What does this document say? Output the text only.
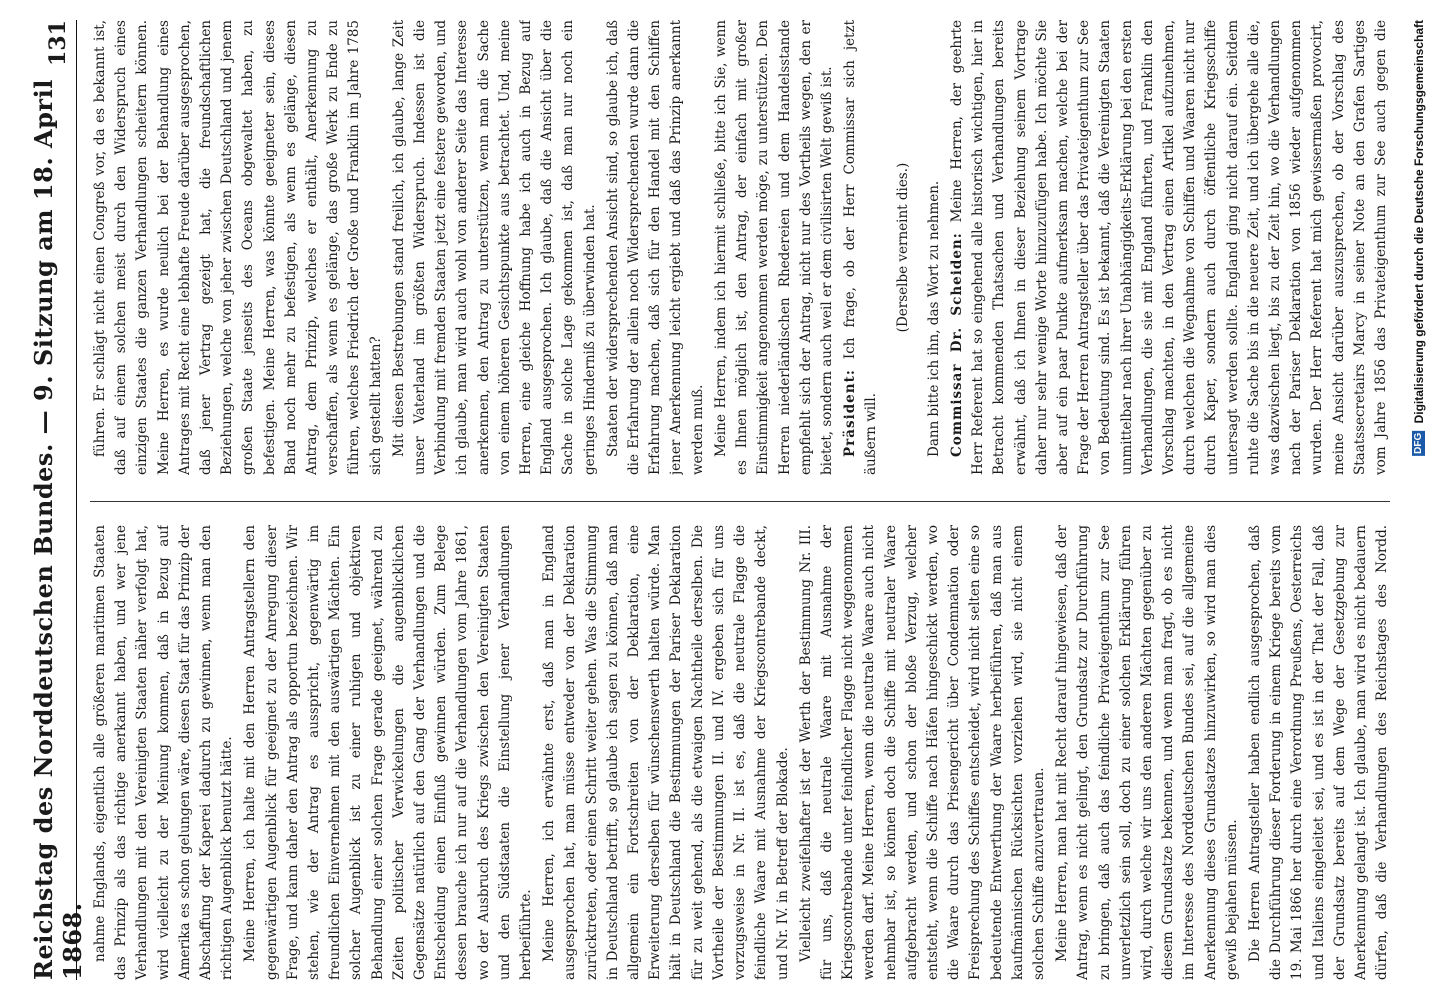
Reichstag des Norddeutschen Bundes. — 9. Sitzung am 18. April 1868.
131

nahme Englands, eigentlich alle größeren maritimen Staaten das Prinzip als das richtige anerkannt haben, und wer jene Verhandlungen mit den Vereinigten Staaten näher verfolgt hat, wird vielleicht zu der Meinung kommen, daß in Bezug auf Amerika es schon gelungen wäre, diesen Staat für das Prinzip der Abschaffung der Kaperei dadurch zu gewinnen, wenn man den richtigen Augenblick benutzt hätte. Meine Herren, ich halte mit den Herren Antragstellern den gegenwärtigen Augenblick für geeignet zu der Anregung dieser Frage, und kann daher den Antrag als opportun bezeichnen. Wir stehen, wie der Antrag es ausspricht, gegenwärtig im freundlichen Einvernehmen mit den auswärtigen Mächten. Ein solcher Augenblick ist zu einer ruhigen und objektiven Behandlung einer solchen Frage gerade geeignet, während zu Zeiten politischer Verwickelungen die augenblicklichen Gegensätze natürlich auf den Gang der Verhandlungen und die Entscheidung einen Einfluß gewinnen würden. Zum Belege dessen brauche ich nur auf die Verhandlungen vom Jahre 1861, wo der Ausbruch des Kriegs zwischen den Vereinigten Staaten und den Südstaaten die Einstellung jener Verhandlungen herbeiführte. Meine Herren, ich erwähnte erst, daß man in England ausgesprochen hat, man müsse entweder von der Deklaration zurücktreten, oder einen Schritt weiter gehen. Was die Stimmung in Deutschland betrifft, so glaube ich sagen zu können, daß man allgemein ein Fortschreiten von der Deklaration, eine Erweiterung derselben für wünschenswerth halten würde. Man hält in Deutschland die Bestimmungen der Pariser Deklaration für zu weit gehend, als die etwaigen Nachtheile derselben. Die Vortheile der Bestimmungen II. und IV. ergeben sich für uns vorzugsweise in Nr. II. ist es, daß die neutrale Flagge die feindliche Waare mit Ausnahme der Kriegscontrebande deckt, und Nr. IV. in Betreff der Blokade. Vielleicht zweifelhafter ist der Werth der Bestimmung Nr. III. für uns, daß die neutrale Waare mit Ausnahme der Kriegscontrebande unter feindlicher Flagge nicht weggenommen werden darf. Meine Herren, wenn die neutrale Waare auch nicht nehmbar ist, so können doch die Schiffe mit neutraler Waare aufgebracht werden, und schon der bloße Verzug, welcher entsteht, wenn die Schiffe nach Häfen hingeschickt werden, wo die Waare durch das Prisengericht über Condemnation oder Freisprechung des Schiffes entscheidet, wird nicht selten eine so bedeutende Entwerthung der Waare herbeiführen, daß man aus kaufmännischen Rücksichten vorziehen wird, sie nicht einem solchen Schiffe anzuvertrauen. Meine Herren, man hat mit Recht darauf hingewiesen, daß der Antrag, wenn es nicht gelingt, den Grundsatz zur Durchführung zu bringen, daß auch das feindliche Privateigenthum zur See unverletzlich sein soll, doch zu einer solchen Erklärung führen wird, durch welche wir uns den anderen Mächten gegenüber zu diesem Grundsatze bekennen, und wenn man fragt, ob es nicht im Interesse des Norddeutschen Bundes sei, auf die allgemeine Anerkennung dieses Grundsatzes hinzuwirken, so wird man dies gewiß bejahen müssen. Die Herren Antragsteller haben endlich ausgesprochen, daß die Durchführung dieser Forderung in einem Kriege bereits vom 19. Mai 1866 her durch eine Verordnung Preußens, Oesterreichs und Italiens eingeleitet sei, und es ist in der That der Fall, daß der Grundsatz bereits auf dem Wege der Gesetzgebung zur Anerkennung gelangt ist. Ich glaube, man wird es nicht bedauern dürfen, daß die Verhandlungen des Reichstages des Nordd.

führen. Er schlägt nicht einen Congreß vor, da es bekannt ist, daß auf einem solchen meist durch den Widerspruch eines einzigen Staates die ganzen Verhandlungen scheitern können. Meine Herren, es wurde neulich bei der Behandlung eines Antrages mit Recht eine lebhafte Freude darüber ausgesprochen, daß jener Vertrag gezeigt hat, die freundschaftlichen Beziehungen, welche von jeher zwischen Deutschland und jenem großen Staate jenseits des Oceans obgewaltet haben, zu befestigen. Meine Herren, was könnte geeigneter sein, dieses Band noch mehr zu befestigen, als wenn es gelänge, diesen Antrag, dem Prinzip, welches er enthält, Anerkennung zu verschaffen, als wenn es gelänge, das große Werk zu Ende zu führen, welches Friedrich der Große und Franklin im Jahre 1785 sich gestellt hatten? Mit diesen Bestrebungen stand freilich, ich glaube, lange Zeit unser Vaterland im größten Widerspruch. Indessen ist die Verbindung mit fremden Staaten jetzt eine festere geworden, und ich glaube, man wird auch wohl von anderer Seite das Interesse anerkennen, den Antrag zu unterstützen, wenn man die Sache von einem höheren Gesichtspunkte aus betrachtet. Und, meine Herren, eine gleiche Hoffnung habe ich auch in Bezug auf England ausgesprochen. Ich glaube, daß die Ansicht über die Sache in solche Lage gekommen ist, daß man nur noch ein geringes Hinderniß zu überwinden hat. Staaten der widersprechenden Ansicht sind, so glaube ich, daß die Erfahrung der allein noch Widersprechenden wurde dann die Erfahrung machen, daß sich für den Handel mit den Schiffen jener Anerkennung leicht ergiebt und daß das Prinzip anerkannt werden muß. Meine Herren, indem ich hiermit schließe, bitte ich Sie, wenn es Ihnen möglich ist, den Antrag, der einfach mit großer Einstimmigkeit angenommen werden möge, zu unterstützen. Den Herren niederländischen Rhedereien und dem Handelsstande empfiehlt sich der Antrag, nicht nur des Vortheils wegen, den er bietet, sondern auch weil er dem civilisirten Welt gewiß ist. Präsident: Ich frage, ob der Herr Commissar sich jetzt äußern will.

(Derselbe verneint dies.) Dann bitte ich ihn, das Wort zu nehmen. Commissar Dr. Scheiden: Meine Herren, der geehrte Herr Referent hat so eingehend alle historisch wichtigen, hier in Betracht kommenden Thatsachen und Verhandlungen bereits erwähnt, daß ich Ihnen in dieser Beziehung seinem Vortrage daher nur sehr wenige Worte hinzuzufügen habe. Ich möchte Sie aber auf ein paar Punkte aufmerksam machen, welche bei der Frage der Herren Antragsteller über das Privateigenthum zur See von Bedeutung sind. Es ist bekannt, daß die Vereinigten Staaten unmittelbar nach ihrer Unabhängigkeits-Erklärung bei den ersten Verhandlungen, die sie mit England führten, und Franklin den Vorschlag machten, in den Vertrag einen Artikel aufzunehmen, durch welchen die Wegnahme von Schiffen und Waaren nicht nur durch Kaper, sondern auch durch öffentliche Kriegsschiffe untersagt werden sollte. England ging nicht darauf ein. Seitdem ruhte die Sache bis in die neuere Zeit, und ich übergehe alle die, was dazwischen liegt, bis zu der Zeit hin, wo die Verhandlungen nach der Pariser Deklaration von 1856 wieder aufgenommen wurden. Der Herr Referent hat mich gewissermaßen provocirt, meine Ansicht darüber auszusprechen, ob der Vorschlag des Staatssecretairs Marcy in seiner Note an den Grafen Sartiges vom Jahre 1856 das Privateigenthum zur See auch gegen die

DFG Digitalisierung gefördert durch die Deutsche Forschungsgemeinschaft
